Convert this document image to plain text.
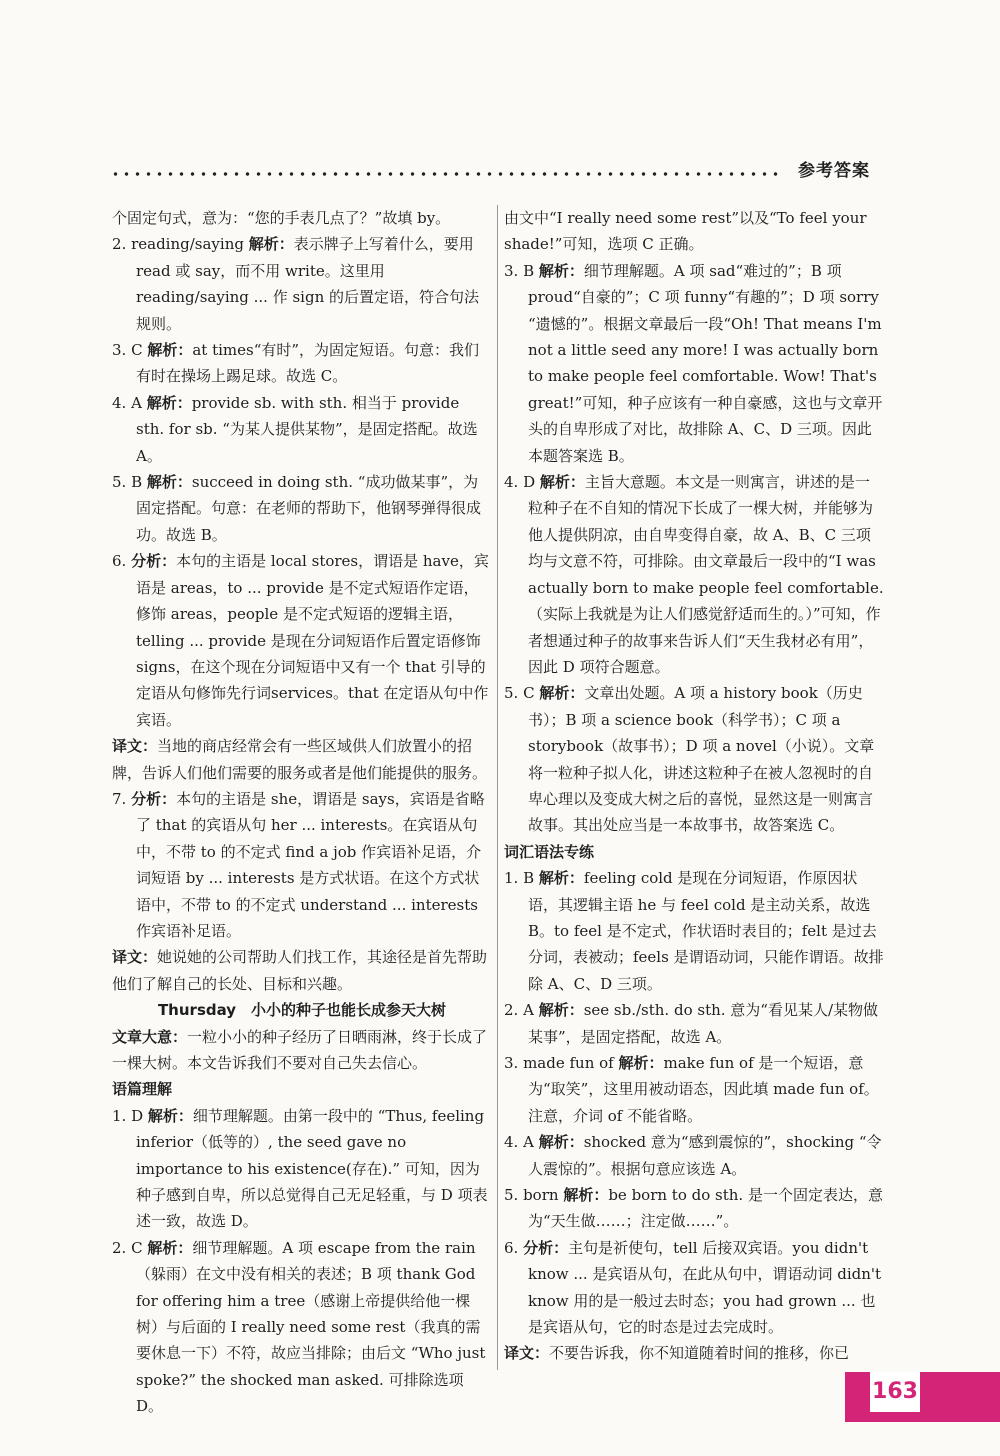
参考答案

个固定句式，意为：“您的手表几点了？”故填 by。

2. reading/saying 解析：表示牌子上写着什么，要用 read 或 say，而不用 write。这里用 reading/saying ... 作 sign 的后置定语，符合句法规则。

3. C 解析：at times“有时”，为固定短语。句意：我们有时在操场上踢足球。故选 C。

4. A 解析：provide sb. with sth. 相当于 provide sth. for sb. “为某人提供某物”，是固定搭配。故选 A。

5. B 解析：succeed in doing sth. “成功做某事”，为固定搭配。句意：在老师的帮助下，他钢琴弹得很成功。故选 B。

6. 分析：本句的主语是 local stores，谓语是 have，宾语是 areas，to ... provide 是不定式短语作定语，修饰 areas，people 是不定式短语的逻辑主语，telling ... provide 是现在分词短语作后置定语修饰 signs，在这个现在分词短语中又有一个 that 引导的定语从句修饰先行词services。that 在定语从句中作宾语。

译文：当地的商店经常会有一些区域供人们放置小的招牌，告诉人们他们需要的服务或者是他们能提供的服务。

7. 分析：本句的主语是 she，谓语是 says，宾语是省略了 that 的宾语从句 her ... interests。在宾语从句中，不带 to 的不定式 find a job 作宾语补足语，介词短语 by ... interests 是方式状语。在这个方式状语中，不带 to 的不定式 understand ... interests 作宾语补足语。

译文：她说她的公司帮助人们找工作，其途径是首先帮助他们了解自己的长处、目标和兴趣。

Thursday　小小的种子也能长成参天大树

文章大意：一粒小小的种子经历了日晒雨淋，终于长成了一棵大树。本文告诉我们不要对自己失去信心。

语篇理解

1. D 解析：细节理解题。由第一段中的 “Thus, feeling inferior（低等的）, the seed gave no importance to his existence(存在).” 可知，因为种子感到自卑，所以总觉得自己无足轻重，与 D 项表述一致，故选 D。

2. C 解析：细节理解题。A 项 escape from the rain（躲雨）在文中没有相关的表述；B 项 thank God for offering him a tree（感谢上帝提供给他一棵树）与后面的 I really need some rest（我真的需要休息一下）不符，故应当排除；由后文 “Who just spoke?” the shocked man asked. 可排除选项 D。

由文中“I really need some rest”以及“To feel your shade!”可知，选项 C 正确。

3. B 解析：细节理解题。A 项 sad“难过的”；B 项 proud“自豪的”；C 项 funny“有趣的”；D 项 sorry “遗憾的”。根据文章最后一段“Oh! That means I'm not a little seed any more! I was actually born to make people feel comfortable. Wow! That's great!”可知，种子应该有一种自豪感，这也与文章开头的自卑形成了对比，故排除 A、C、D 三项。因此本题答案选 B。

4. D 解析：主旨大意题。本文是一则寓言，讲述的是一粒种子在不自知的情况下长成了一棵大树，并能够为他人提供阴凉，由自卑变得自豪，故 A、B、C 三项均与文意不符，可排除。由文章最后一段中的“I was actually born to make people feel comfortable.（实际上我就是为让人们感觉舒适而生的。）”可知，作者想通过种子的故事来告诉人们“天生我材必有用”，因此 D 项符合题意。

5. C 解析：文章出处题。A 项 a history book（历史书）；B 项 a science book（科学书）；C 项 a storybook（故事书）；D 项 a novel（小说）。文章将一粒种子拟人化，讲述这粒种子在被人忽视时的自卑心理以及变成大树之后的喜悦，显然这是一则寓言故事。其出处应当是一本故事书，故答案选 C。

词汇语法专练

1. B 解析：feeling cold 是现在分词短语，作原因状语，其逻辑主语 he 与 feel cold 是主动关系，故选 B。to feel 是不定式，作状语时表目的；felt 是过去分词，表被动；feels 是谓语动词，只能作谓语。故排除 A、C、D 三项。

2. A 解析：see sb./sth. do sth. 意为“看见某人/某物做某事”，是固定搭配，故选 A。

3. made fun of 解析：make fun of 是一个短语，意为“取笑”，这里用被动语态，因此填 made fun of。注意，介词 of 不能省略。

4. A 解析：shocked 意为“感到震惊的”，shocking “令人震惊的”。根据句意应该选 A。

5. born 解析：be born to do sth. 是一个固定表达，意为“天生做……；注定做……”。

6. 分析：主句是祈使句，tell 后接双宾语。you didn't know ... 是宾语从句，在此从句中，谓语动词 didn't know 用的是一般过去时态；you had grown ... 也是宾语从句，它的时态是过去完成时。

译文：不要告诉我，你不知道随着时间的推移，你已

163
